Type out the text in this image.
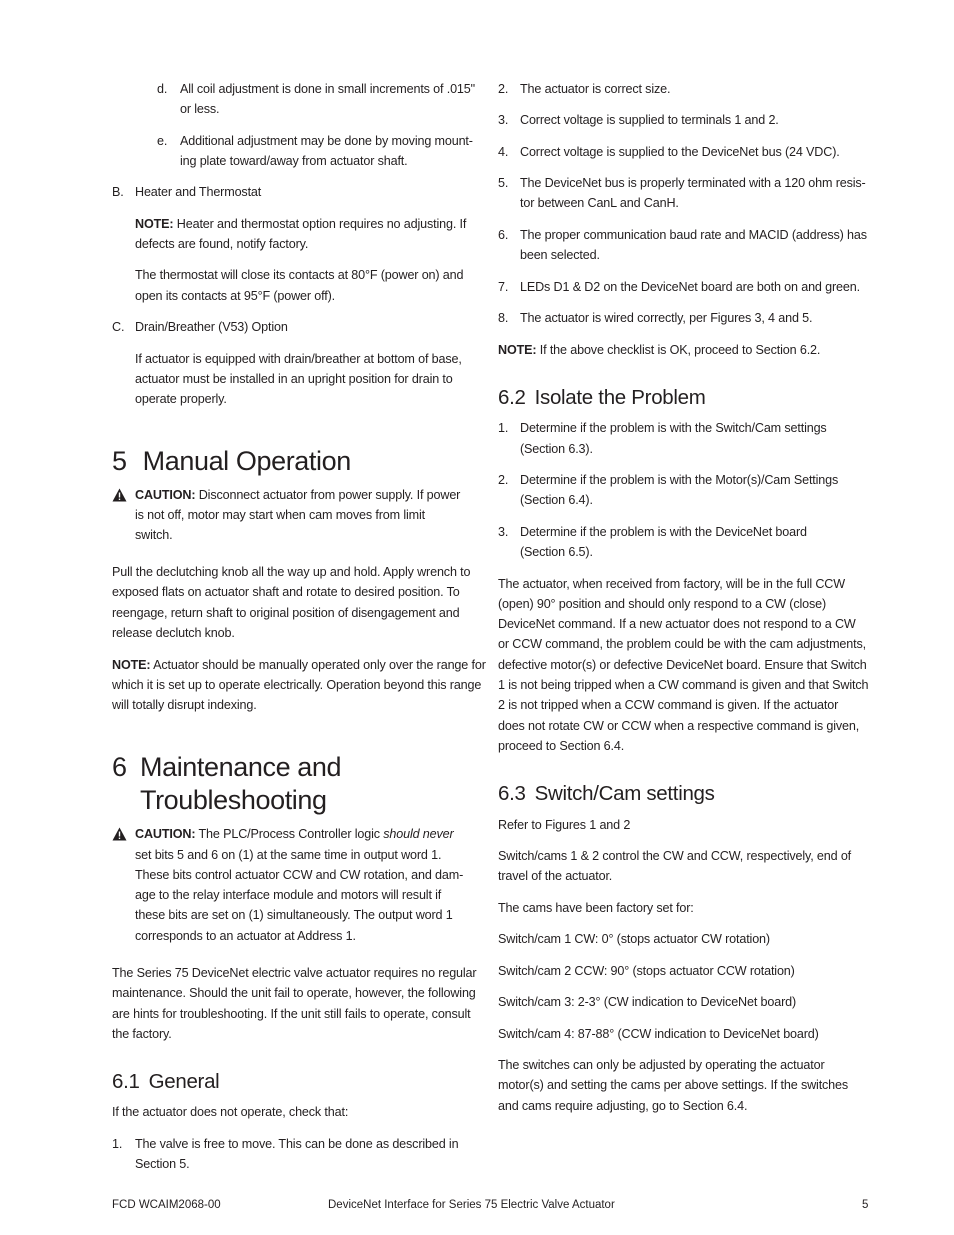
d. All coil adjustment is done in small increments of .015" or less.
e. Additional adjustment may be done by moving mount-
ing plate toward/away from actuator shaft.
B. Heater and Thermostat
NOTE: Heater and thermostat option requires no adjusting. If
defects are found, notify factory.
The thermostat will close its contacts at 80°F (power on) and
open its contacts at 95°F (power off).
C. Drain/Breather (V53) Option
If actuator is equipped with drain/breather at bottom of base,
actuator must be installed in an upright position for drain to
operate properly.
5 Manual Operation
CAUTION: Disconnect actuator from power supply. If power
is not off, motor may start when cam moves from limit
switch.
Pull the declutching knob all the way up and hold. Apply wrench to
exposed flats on actuator shaft and rotate to desired position. To
reengage, return shaft to original position of disengagement and
release declutch knob.
NOTE: Actuator should be manually operated only over the range for
which it is set up to operate electrically. Operation beyond this range
will totally disrupt indexing.
6 Maintenance and
Troubleshooting
CAUTION: The PLC/Process Controller logic should never
set bits 5 and 6 on (1) at the same time in output word 1.
These bits control actuator CCW and CW rotation, and dam-
age to the relay interface module and motors will result if
these bits are set on (1) simultaneously. The output word 1
corresponds to an actuator at Address 1.
The Series 75 DeviceNet electric valve actuator requires no regular
maintenance. Should the unit fail to operate, however, the following
are hints for troubleshooting. If the unit still fails to operate, consult
the factory.
6.1 General
If the actuator does not operate, check that:
1. The valve is free to move. This can be done as described in
Section 5.
2. The actuator is correct size.
3. Correct voltage is supplied to terminals 1 and 2.
4. Correct voltage is supplied to the DeviceNet bus (24 VDC).
5. The DeviceNet bus is properly terminated with a 120 ohm resis-
tor between CanL and CanH.
6. The proper communication baud rate and MACID (address) has
been selected.
7. LEDs D1 & D2 on the DeviceNet board are both on and green.
8. The actuator is wired correctly, per Figures 3, 4 and 5.
NOTE: If the above checklist is OK, proceed to Section 6.2.
6.2 Isolate the Problem
1. Determine if the problem is with the Switch/Cam settings
(Section 6.3).
2. Determine if the problem is with the Motor(s)/Cam Settings
(Section 6.4).
3. Determine if the problem is with the DeviceNet board
(Section 6.5).
The actuator, when received from factory, will be in the full CCW
(open) 90° position and should only respond to a CW (close)
DeviceNet command. If a new actuator does not respond to a CW
or CCW command, the problem could be with the cam adjustments,
defective motor(s) or defective DeviceNet board. Ensure that Switch
1 is not being tripped when a CW command is given and that Switch
2 is not tripped when a CCW command is given. If the actuator
does not rotate CW or CCW when a respective command is given,
proceed to Section 6.4.
6.3 Switch/Cam settings
Refer to Figures 1 and 2
Switch/cams 1 & 2 control the CW and CCW, respectively, end of
travel of the actuator.
The cams have been factory set for:
Switch/cam 1 CW: 0° (stops actuator CW rotation)
Switch/cam 2 CCW: 90° (stops actuator CCW rotation)
Switch/cam 3: 2-3° (CW indication to DeviceNet board)
Switch/cam 4: 87-88° (CCW indication to DeviceNet board)
The switches can only be adjusted by operating the actuator
motor(s) and setting the cams per above settings. If the switches
and cams require adjusting, go to Section 6.4.
FCD WCAIM2068-00	DeviceNet Interface for Series 75 Electric Valve Actuator	5
